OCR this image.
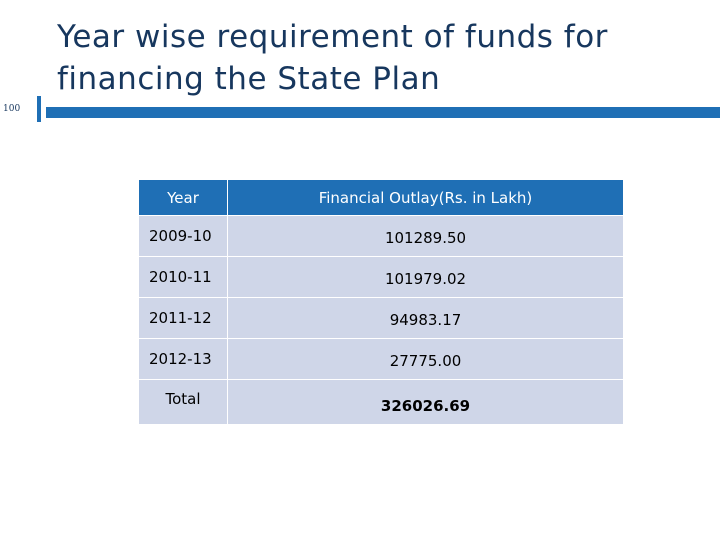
Year wise requirement of funds for
financing the State Plan
100
Year	Financial Outlay(Rs. in Lakh)
2009-10	101289.50
2010-11	101979.02
2011-12	94983.17
2012-13	27775.00
Total	326026.69
